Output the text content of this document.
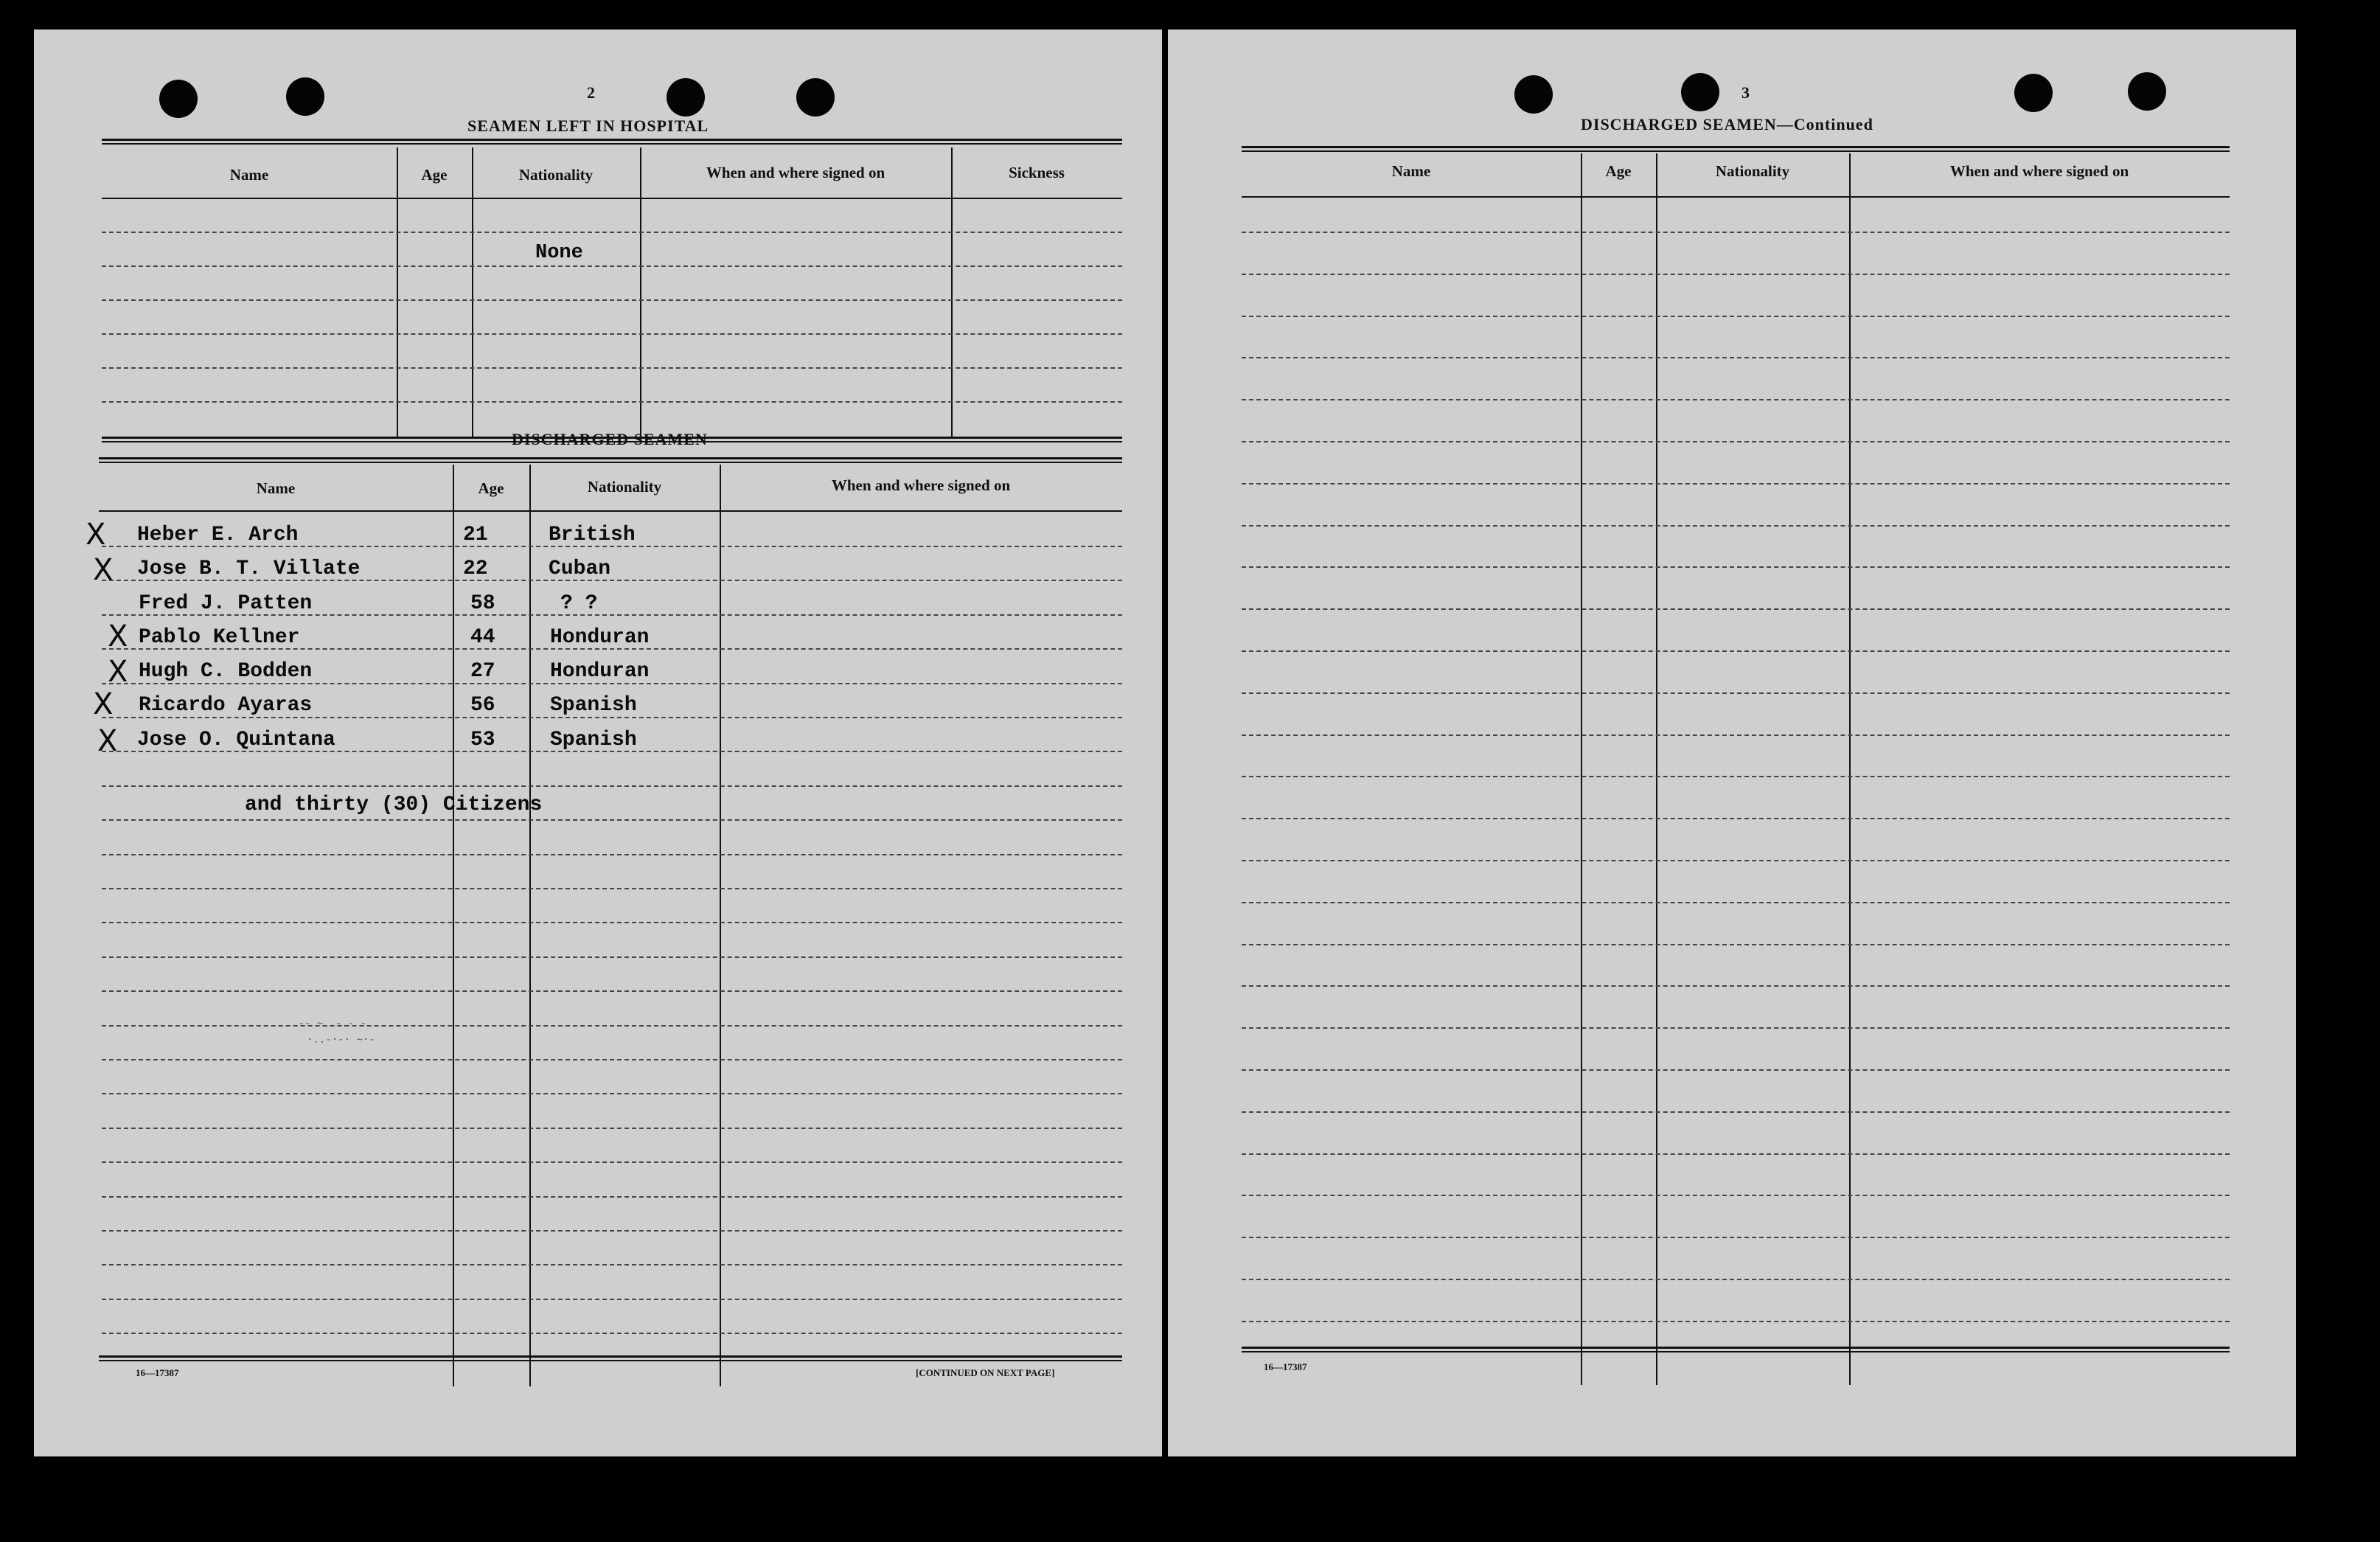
2
SEAMEN LEFT IN HOSPITAL
Name	Age	Nationality	When and where signed on	Sickness
None
DISCHARGED SEAMEN
Name	Age	Nationality	When and where signed on
X Heber E. Arch	21	British
X Jose B. T. Villate	22	Cuban
Fred J. Patten	58	? ?
X Pablo Kellner	44	Honduran
X Hugh C. Bodden	27	Honduran
X Ricardo Ayaras	56	Spanish
X Jose O. Quintana	53	Spanish
and thirty (30) Citizens
.-- ~ .-.- -
·..-·-· ~·-
16—17387	[CONTINUED ON NEXT PAGE]
3
DISCHARGED SEAMEN—Continued
Name	Age	Nationality	When and where signed on
16—17387
